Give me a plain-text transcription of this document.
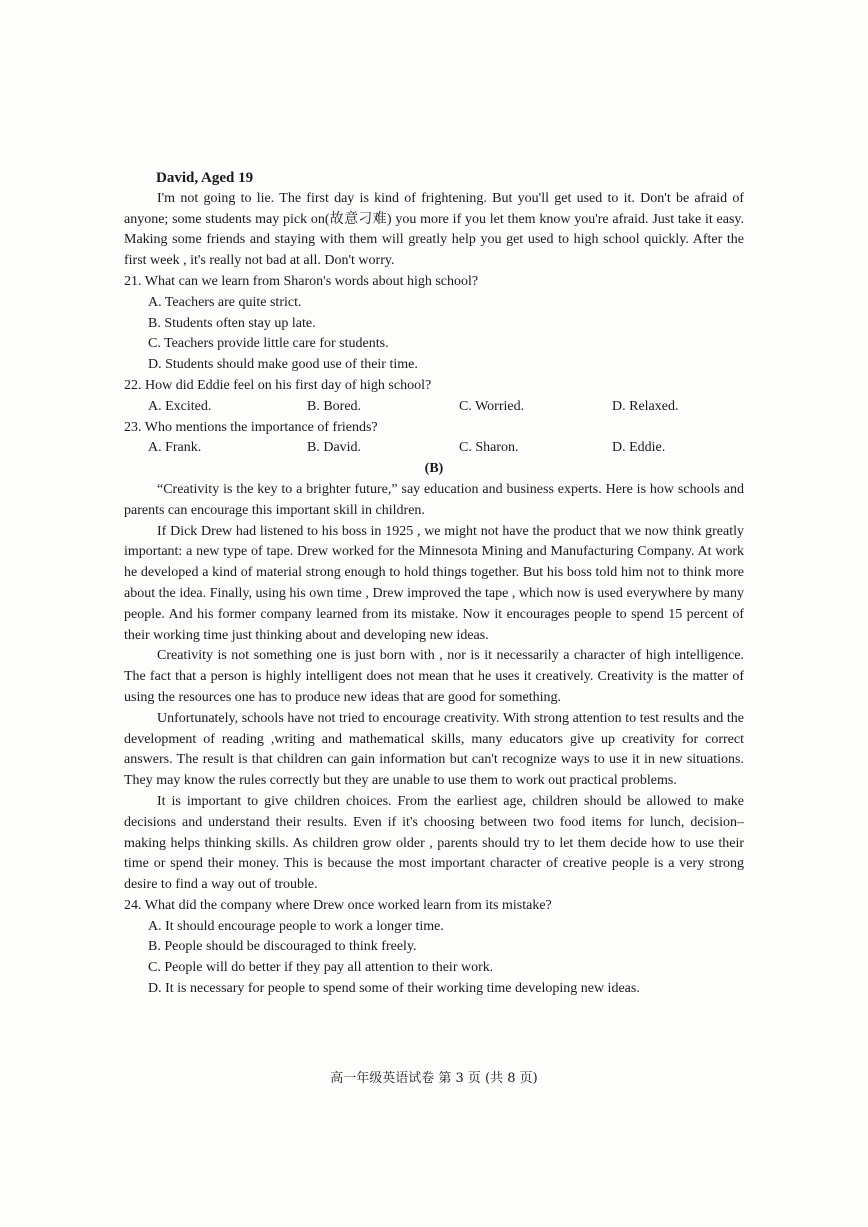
David, Aged 19

I'm not going to lie. The first day is kind of frightening. But you'll get used to it. Don't be afraid of anyone; some students may pick on(故意刁难) you more if you let them know you're afraid. Just take it easy. Making some friends and staying with them will greatly help you get used to high school quickly. After the first week , it's really not bad at all. Don't worry.

21. What can we learn from Sharon's words about high school?

A. Teachers are quite strict.

B. Students often stay up late.

C. Teachers provide little care for students.

D. Students should make good use of their time.

22. How did Eddie feel on his first day of high school?

A. Excited.	B. Bored.	C. Worried.	D. Relaxed.

23. Who mentions the importance of friends?

A. Frank.	B. David.	C. Sharon.	D. Eddie.

(B)

“Creativity is the key to a brighter future,” say education and business experts. Here is how schools and parents can encourage this important skill in children.

If Dick Drew had listened to his boss in 1925 , we might not have the product that we now think greatly important: a new type of tape. Drew worked for the Minnesota Mining and Manufacturing Company. At work he developed a kind of material strong enough to hold things together. But his boss told him not to think more about the idea. Finally, using his own time , Drew improved the tape , which now is used everywhere by many people. And his former company learned from its mistake. Now it encourages people to spend 15 percent of their working time just thinking about and developing new ideas.

Creativity is not something one is just born with , nor is it necessarily a character of high intelligence. The fact that a person is highly intelligent does not mean that he uses it creatively. Creativity is the matter of using the resources one has to produce new ideas that are good for something.

Unfortunately, schools have not tried to encourage creativity. With strong attention to test results and the development of reading ,writing and mathematical skills, many educators give up creativity for correct answers. The result is that children can gain information but can't recognize ways to use it in new situations. They may know the rules correctly but they are unable to use them to work out practical problems.

It is important to give children choices. From the earliest age, children should be allowed to make decisions and understand their results. Even if it's choosing between two food items for lunch, decision–making helps thinking skills. As children grow older , parents should try to let them decide how to use their time or spend their money. This is because the most important character of creative people is a very strong desire to find a way out of trouble.

24. What did the company where Drew once worked learn from its mistake?

A. It should encourage people to work a longer time.

B. People should be discouraged to think freely.

C. People will do better if they pay all attention to their work.

D. It is necessary for people to spend some of their working time developing new ideas.

高一年级英语试卷 第 3 页 (共 8 页)
